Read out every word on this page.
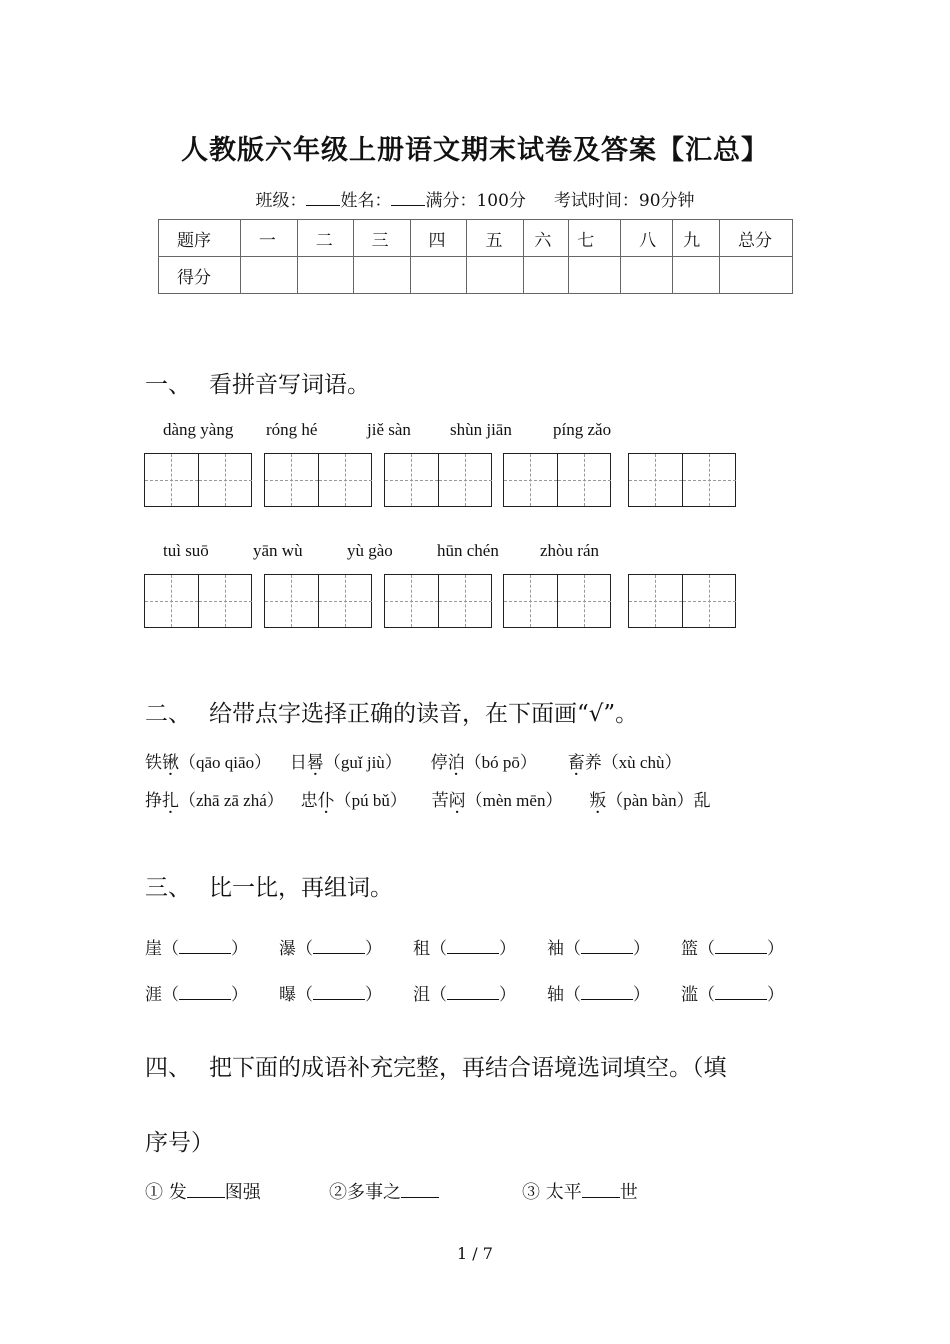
人教版六年级上册语文期末试卷及答案【汇总】
班级： 姓名： 满分：100分 考试时间：90分钟
题序	一	二	三	四	五	六	七	八	九	总分
得分										
一、 看拼音写词语。
dàng yàng róng hé	jiě sàn shùn jiān píng zǎo
tuì suō	yān wù	yù gào	hūn chén zhòu rán
二、 给带点字选择正确的读音，在下面画“√”。
铁锹（qāo qiāo） 日晷（guǐ jiù） 停泊（bó pō） 畜养（xù chù）
挣扎（zhā zā zhá） 忠仆（pú bǔ） 苦闷（mèn mēn） 叛（pàn bàn）乱
三、 比一比，再组词。
崖（	） 瀑（	） 租（	） 袖（	） 篮（	）
涯（	） 曝（	） 沮（	） 轴（	） 滥（	）
四、 把下面的成语补充完整，再结合语境选词填空。（填
序号）
① 发 图强	②多事之	③ 太平 世
1 / 7
